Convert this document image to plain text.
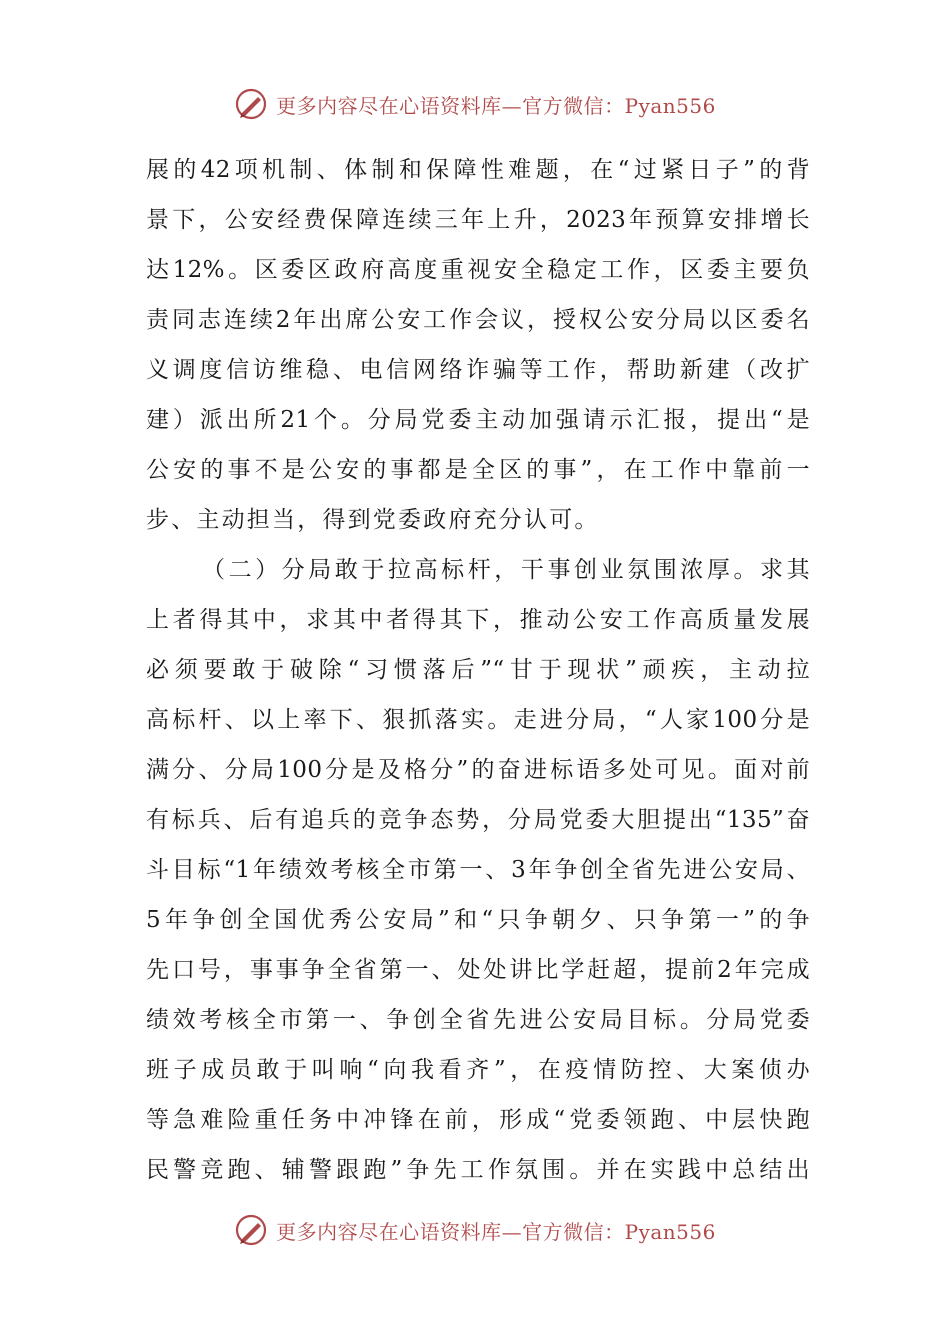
更多内容尽在心语资料库—官方微信：Pyan556
展的42项机制、体制和保障性难题，在“过紧日子”的背
景下，公安经费保障连续三年上升，2023年预算安排增长
达12%。区委区政府高度重视安全稳定工作，区委主要负
责同志连续2年出席公安工作会议，授权公安分局以区委名
义调度信访维稳、电信网络诈骗等工作，帮助新建（改扩
建）派出所21个。分局党委主动加强请示汇报，提出“是
公安的事不是公安的事都是全区的事”，在工作中靠前一
步、主动担当，得到党委政府充分认可。
（二）分局敢于拉高标杆，干事创业氛围浓厚。求其
上者得其中，求其中者得其下，推动公安工作高质量发展
必须要敢于破除“习惯落后”“甘于现状”顽疾，主动拉
高标杆、以上率下、狠抓落实。走进分局，“人家100分是
满分、分局100分是及格分”的奋进标语多处可见。面对前
有标兵、后有追兵的竞争态势，分局党委大胆提出“135”奋
斗目标“1年绩效考核全市第一、3年争创全省先进公安局、
5年争创全国优秀公安局”和“只争朝夕、只争第一”的争
先口号，事事争全省第一、处处讲比学赶超，提前2年完成
绩效考核全市第一、争创全省先进公安局目标。分局党委
班子成员敢于叫响“向我看齐”，在疫情防控、大案侦办
等急难险重任务中冲锋在前，形成“党委领跑、中层快跑
民警竞跑、辅警跟跑”争先工作氛围。并在实践中总结出
更多内容尽在心语资料库—官方微信：Pyan556
